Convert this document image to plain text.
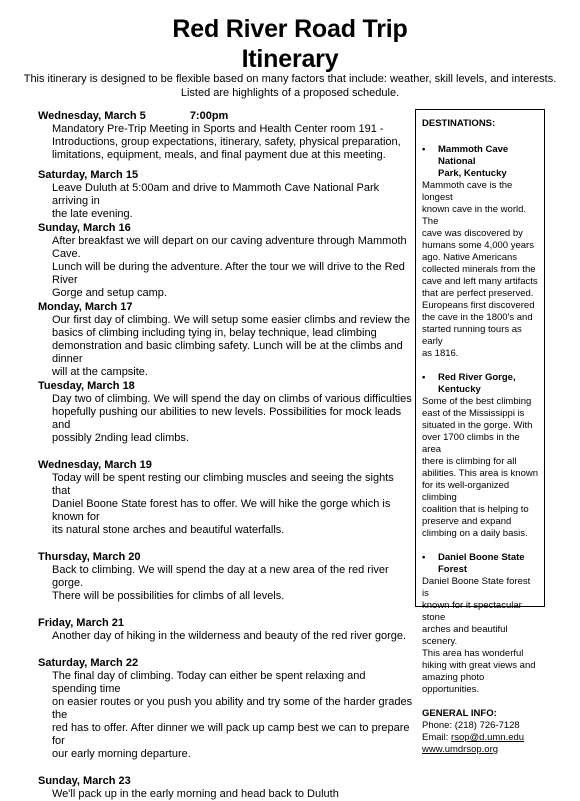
Red River Road Trip
Itinerary
This itinerary is designed to be flexible based on many factors that include: weather, skill levels, and interests.
Listed are highlights of a proposed schedule.
Wednesday, March 5	7:00pm
Mandatory Pre-Trip Meeting in Sports and Health Center room 191 -
Introductions, group expectations, itinerary, safety, physical preparation,
limitations, equipment, meals, and final payment due at this meeting.
Saturday, March 15
Leave Duluth at 5:00am and drive to Mammoth Cave National Park arriving in
the late evening.
Sunday, March 16
After breakfast we will depart on our caving adventure through Mammoth Cave.
Lunch will be during the adventure. After the tour we will drive to the Red River
Gorge and setup camp.
Monday, March 17
Our first day of climbing. We will setup some easier climbs and review the
basics of climbing including tying in, belay technique, lead climbing
demonstration and basic climbing safety. Lunch will be at the climbs and dinner
will at the campsite.
Tuesday, March 18
Day two of climbing. We will spend the day on climbs of various difficulties
hopefully pushing our abilities to new levels. Possibilities for mock leads and
possibly 2nding lead climbs.
Wednesday, March 19
Today will be spent resting our climbing muscles and seeing the sights that
Daniel Boone State forest has to offer. We will hike the gorge which is known for
its natural stone arches and beautiful waterfalls.
Thursday, March 20
Back to climbing. We will spend the day at a new area of the red river gorge.
There will be possibilities for climbs of all levels.
Friday, March 21
Another day of hiking in the wilderness and beauty of the red river gorge.
Saturday, March 22
The final day of climbing. Today can either be spent relaxing and spending time
on easier routes or you push you ability and try some of the harder grades the
red has to offer. After dinner we will pack up camp best we can to prepare for
our early morning departure.
Sunday, March 23
We'll pack up in the early morning and head back to Duluth
DESTINATIONS:
•	Mammoth Cave National
Park, Kentucky
Mammoth cave is the longest
known cave in the world. The
cave was discovered by
humans some 4,000 years
ago. Native Americans
collected minerals from the
cave and left many artifacts
that are perfect preserved.
Europeans first discovered
the cave in the 1800's and
started running tours as early
as 1816.
•	Red River Gorge,
Kentucky
Some of the best climbing
east of the Mississippi is
situated in the gorge. With
over 1700 climbs in the area
there is climbing for all
abilities. This area is known
for its well-organized climbing
coalition that is helping to
preserve and expand
climbing on a daily basis.
•	Daniel Boone State
Forest
Daniel Boone State forest is
known for it spectacular stone
arches and beautiful scenery.
This area has wonderful
hiking with great views and
amazing photo opportunities.
GENERAL INFO:
Phone: (218) 726-7128
Email: rsop@d.umn.edu
www.umdrsop.org
